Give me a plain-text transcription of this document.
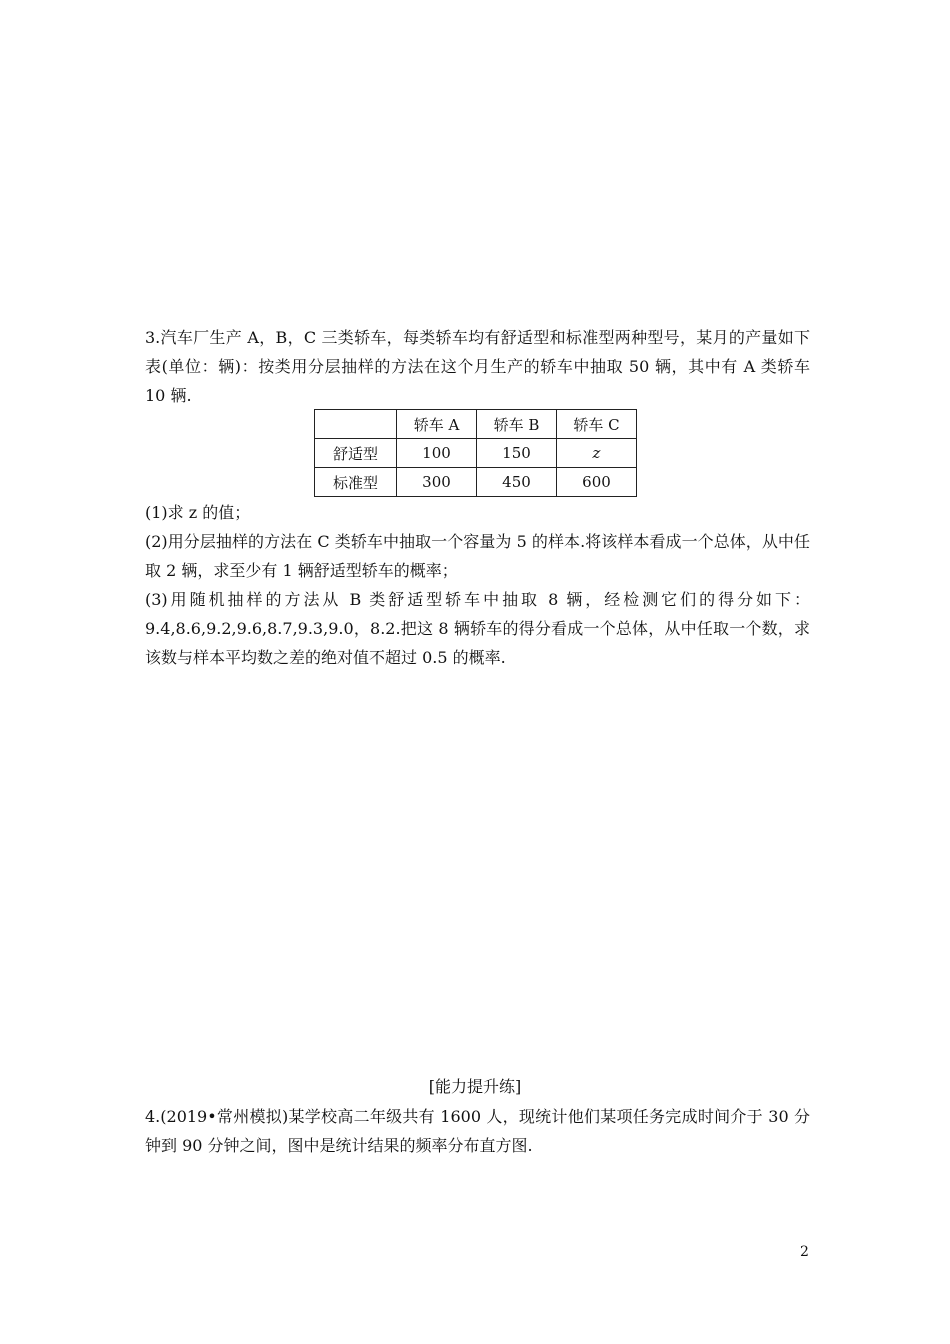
3.汽车厂生产 A，B，C 三类轿车，每类轿车均有舒适型和标准型两种型号，某月的产量如下表(单位：辆)：按类用分层抽样的方法在这个月生产的轿车中抽取 50 辆，其中有 A 类轿车 10 辆.

	轿车 A	轿车 B	轿车 C
舒适型	100	150	z
标准型	300	450	600

(1)求 z 的值；

(2)用分层抽样的方法在 C 类轿车中抽取一个容量为 5 的样本.将该样本看成一个总体，从中任取 2 辆，求至少有 1 辆舒适型轿车的概率；

(3)用随机抽样的方法从 B 类舒适型轿车中抽取 8 辆，经检测它们的得分如下：9.4,8.6,9.2,9.6,8.7,9.3,9.0，8.2.把这 8 辆轿车的得分看成一个总体，从中任取一个数，求该数与样本平均数之差的绝对值不超过 0.5 的概率.

[能力提升练]

4.(2019•常州模拟)某学校高二年级共有 1600 人，现统计他们某项任务完成时间介于 30 分钟到 90 分钟之间，图中是统计结果的频率分布直方图.

2
